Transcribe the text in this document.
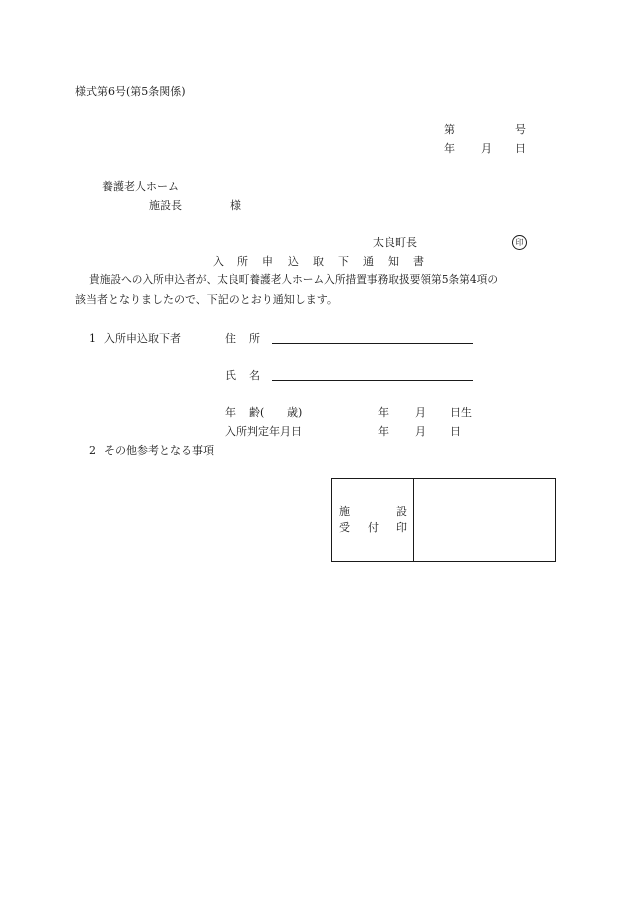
様式第6号(第5条関係)
第	号
年 月 日
養護老人ホーム
施設長	様
太良町長	印
入 所 申 込 取 下 通 知 書
貴施設への入所申込者が、太良町養護老人ホーム入所措置事務取扱要領第5条第4項の
該当者となりましたので、下記のとおり通知します。
1 入所申込取下者	住 所
氏 名
年 齢( 歳)	年 月 日生
入所判定年月日	年 月 日
2 その他参考となる事項
施	設
受 付 印
